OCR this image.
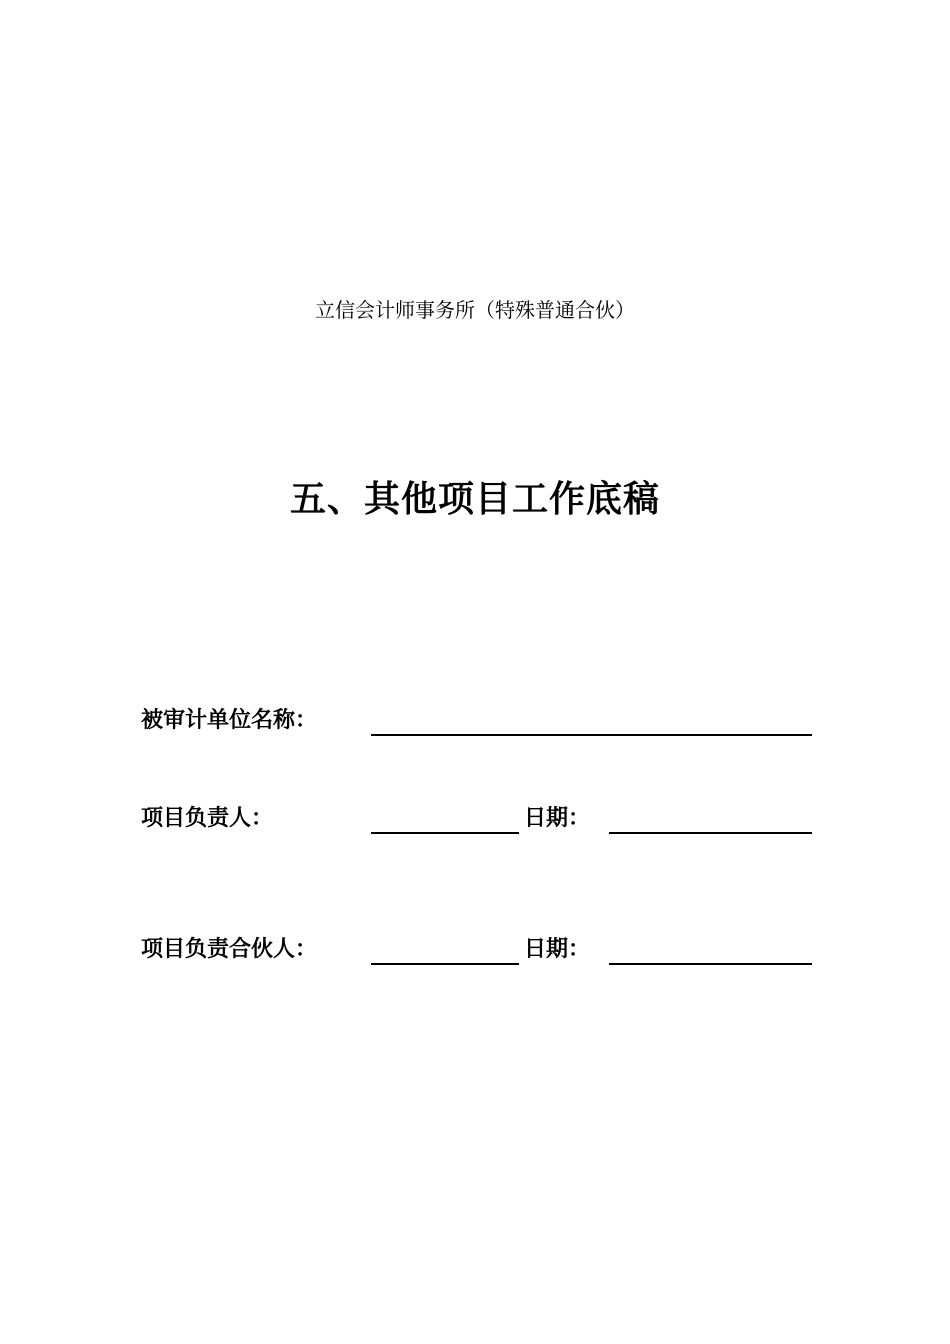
立信会计师事务所（特殊普通合伙）
五、其他项目工作底稿
被审计单位名称：
项目负责人：	日期：
项目负责合伙人：	日期：
